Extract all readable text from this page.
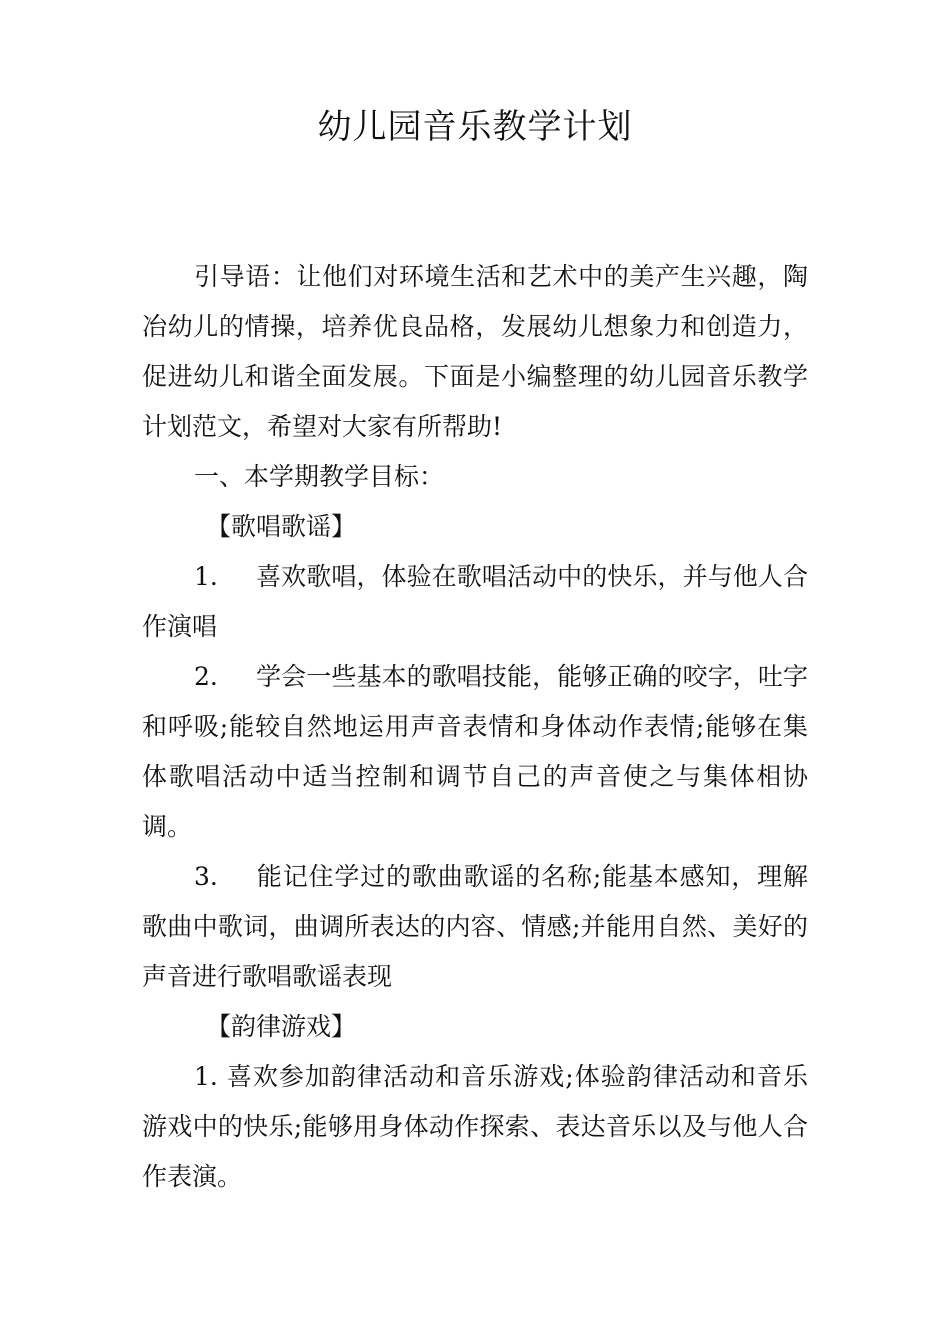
幼儿园音乐教学计划

引导语：让他们对环境生活和艺术中的美产生兴趣，陶冶幼儿的情操，培养优良品格，发展幼儿想象力和创造力，促进幼儿和谐全面发展。下面是小编整理的幼儿园音乐教学计划范文，希望对大家有所帮助!

一、本学期教学目标：

【歌唱歌谣】

1. 喜欢歌唱，体验在歌唱活动中的快乐，并与他人合作演唱

2. 学会一些基本的歌唱技能，能够正确的咬字，吐字和呼吸;能较自然地运用声音表情和身体动作表情;能够在集体歌唱活动中适当控制和调节自己的声音使之与集体相协调。

3. 能记住学过的歌曲歌谣的名称;能基本感知，理解歌曲中歌词，曲调所表达的内容、情感;并能用自然、美好的声音进行歌唱歌谣表现

【韵律游戏】

1. 喜欢参加韵律活动和音乐游戏;体验韵律活动和音乐游戏中的快乐;能够用身体动作探索、表达音乐以及与他人合作表演。
